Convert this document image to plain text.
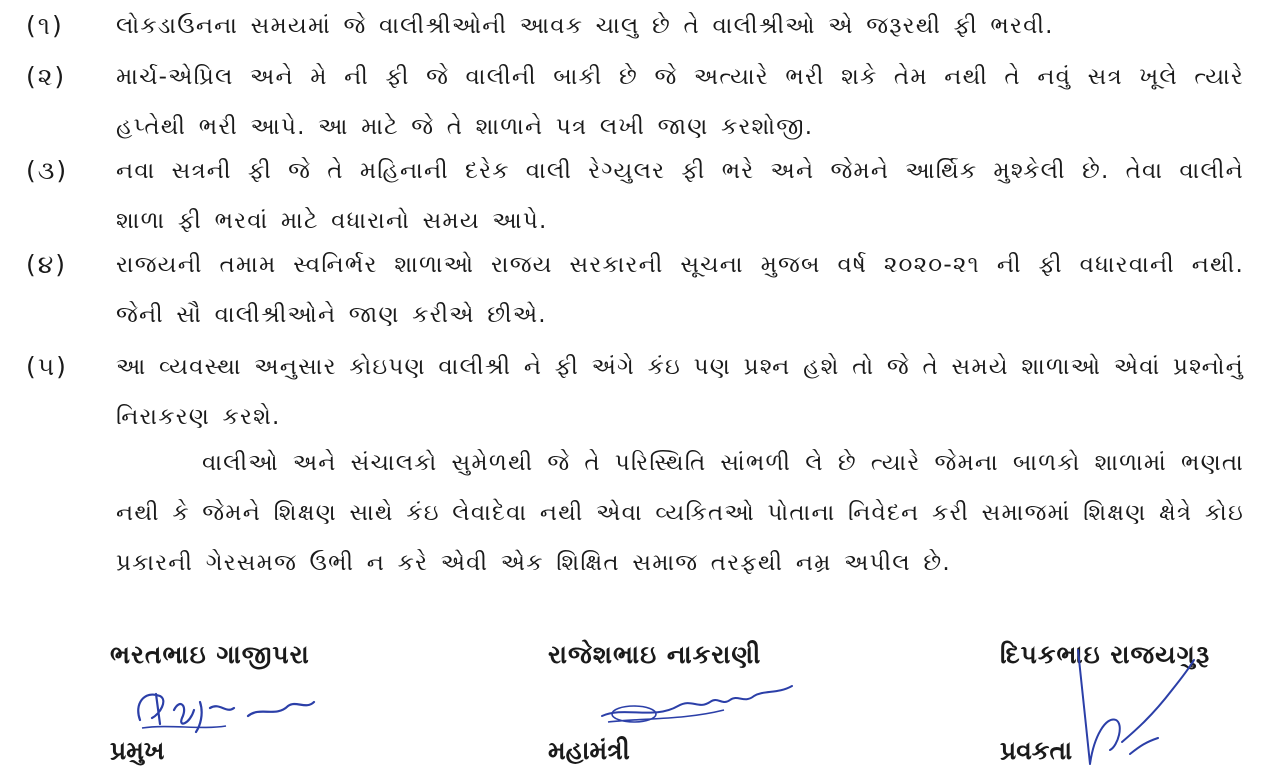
(૧) લોકડાઉનના સમયમાં જે વાલીશ્રીઓની આવક ચાલુ છે તે વાલીશ્રીઓ એ જરૂરથી ફી ભરવી.
(૨) માર્ચ-એપ્રિલ અને મે ની ફી જે વાલીની બાકી છે જે અત્યારે ભરી શકે તેમ નથી તે નવું સત્ર ખૂલે ત્યારે હપ્તેથી ભરી આપે. આ માટે જે તે શાળાને પત્ર લખી જાણ કરશોજી.
(૩) નવા સત્રની ફી જે તે મહિનાની દરેક વાલી રેગ્યુલર ફી ભરે અને જેમને આર્થિક મુશ્કેલી છે. તેવા વાલીને શાળા ફી ભરવાં માટે વધારાનો સમય આપે.
(૪) રાજયની તમામ સ્વનિર્ભર શાળાઓ રાજય સરકારની સૂચના મુજબ વર્ષ ૨૦૨૦-૨૧ ની ફી વધારવાની નથી. જેની સૌ વાલીશ્રીઓને જાણ કરીએ છીએ.
(૫) આ વ્યવસ્થા અનુસાર કોઇપણ વાલીશ્રી ને ફી અંગે કંઇ પણ પ્રશ્ન હશે તો જે તે સમયે શાળાઓ એવાં પ્રશ્નોનું નિરાકરણ કરશે.
વાલીઓ અને સંચાલકો સુમેળથી જે તે પરિસ્થિતિ સાંભળી લે છે ત્યારે જેમના બાળકો શાળામાં ભણતા નથી કે જેમને શિક્ષણ સાથે કંઇ લેવાદેવા નથી એવા વ્યકિતઓ પોતાના નિવેદન કરી સમાજમાં શિક્ષણ ક્ષેત્રે કોઇ પ્રકારની ગેરસમજ ઉભી ન કરે એવી એક શિક્ષિત સમાજ તરફથી નમ્ર અપીલ છે.
ભરતભાઇ ગાજીપરા
પ્રમુખ
રાજેશભાઇ નાકરાણી
મહામંત્રી
દિપકભાઇ રાજયગુરૂ
પ્રવકતા
